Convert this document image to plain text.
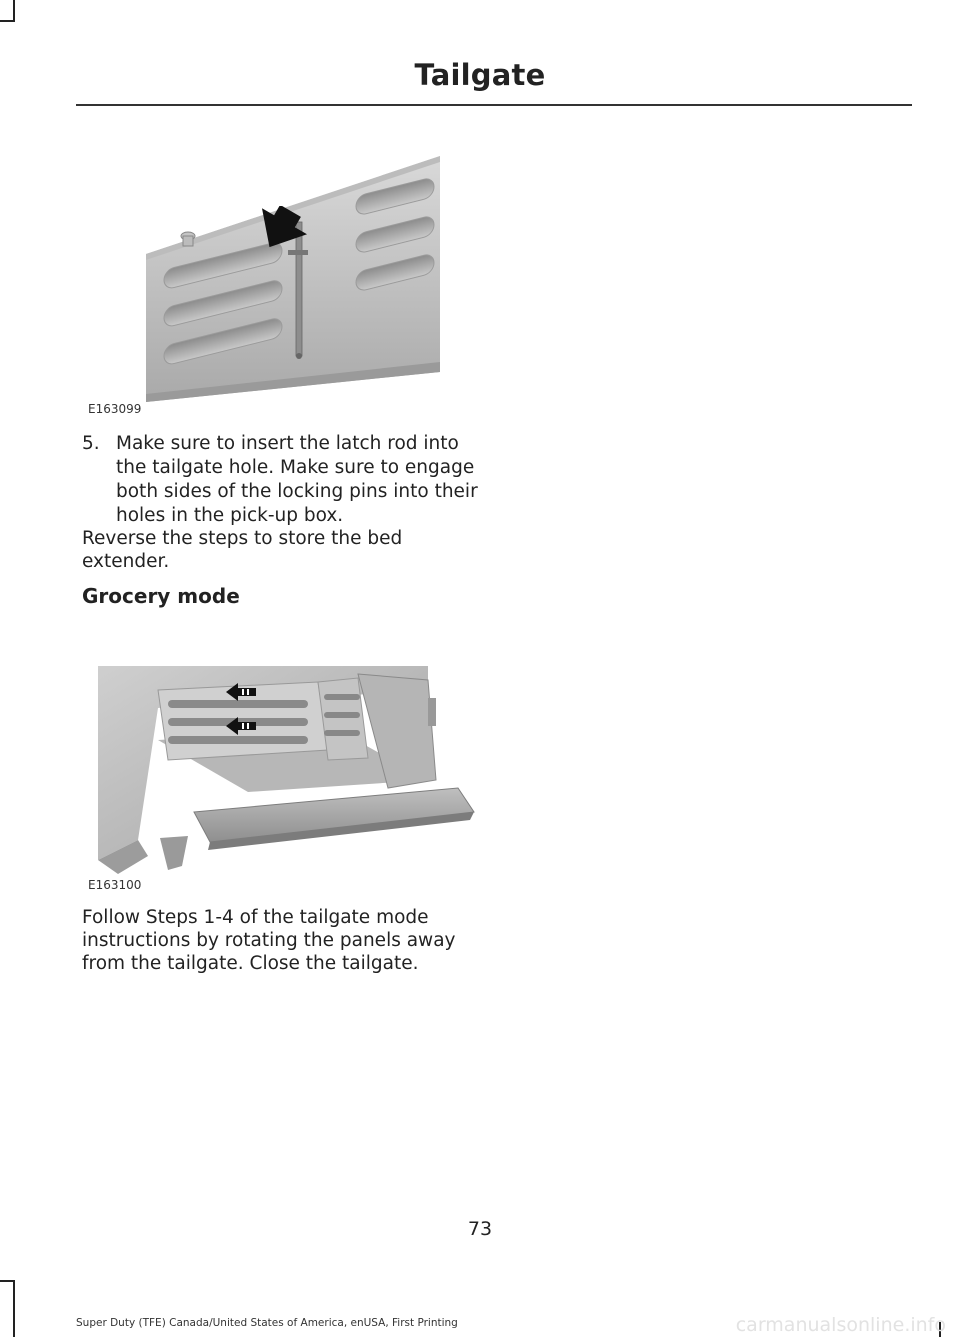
Tailgate
E163099
5. Make sure to insert the latch rod into the tailgate hole. Make sure to engage both sides of the locking pins into their holes in the pick-up box.

Reverse the steps to store the bed extender.

Grocery mode
E163100

Follow Steps 1-4 of the tailgate mode instructions by rotating the panels away from the tailgate. Close the tailgate.

73
Super Duty (TFE) Canada/United States of America, enUSA, First Printing	carmanualsonline.info
